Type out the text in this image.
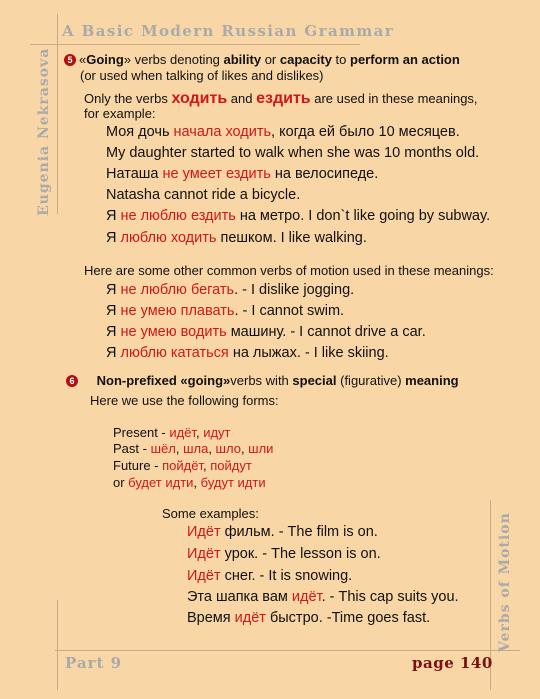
A Basic Modern Russian Grammar
Eugenia Nekrasova
Verbs of Motion
Part 9	page 140
5 «Going» verbs denoting ability or capacity to perform an action
(or used when talking of likes and dislikes)
Only the verbs ходить and ездить are used in these meanings,
for example:
Моя дочь начала ходить, когда ей было 10 месяцев.
My daughter started to walk when she was 10 months old.
Наташа не умеет ездить на велосипеде.
Natasha cannot ride a bicycle.
Я не люблю ездить на метро. I don`t like going by subway.
Я люблю ходить пешком. I like walking.
Here are some other common verbs of motion used in these meanings:
Я не люблю бегать. - I dislike jogging.
Я не умею плавать. - I cannot swim.
Я не умею водить машину. - I cannot drive a car.
Я люблю кататься на лыжах. - I like skiing.
6 Non-prefixed «going»verbs with special (figurative) meaning
Here we use the following forms:
Present - идёт, идут
Past - шёл, шла, шло, шли
Future - пойдёт, пойдут
or будет идти, будут идти
Some examples:
Идёт фильм. - The film is on.
Идёт урок. - The lesson is on.
Идёт снег. - It is snowing.
Эта шапка вам идёт. - This cap suits you.
Время идёт быстро. -Time goes fast.
